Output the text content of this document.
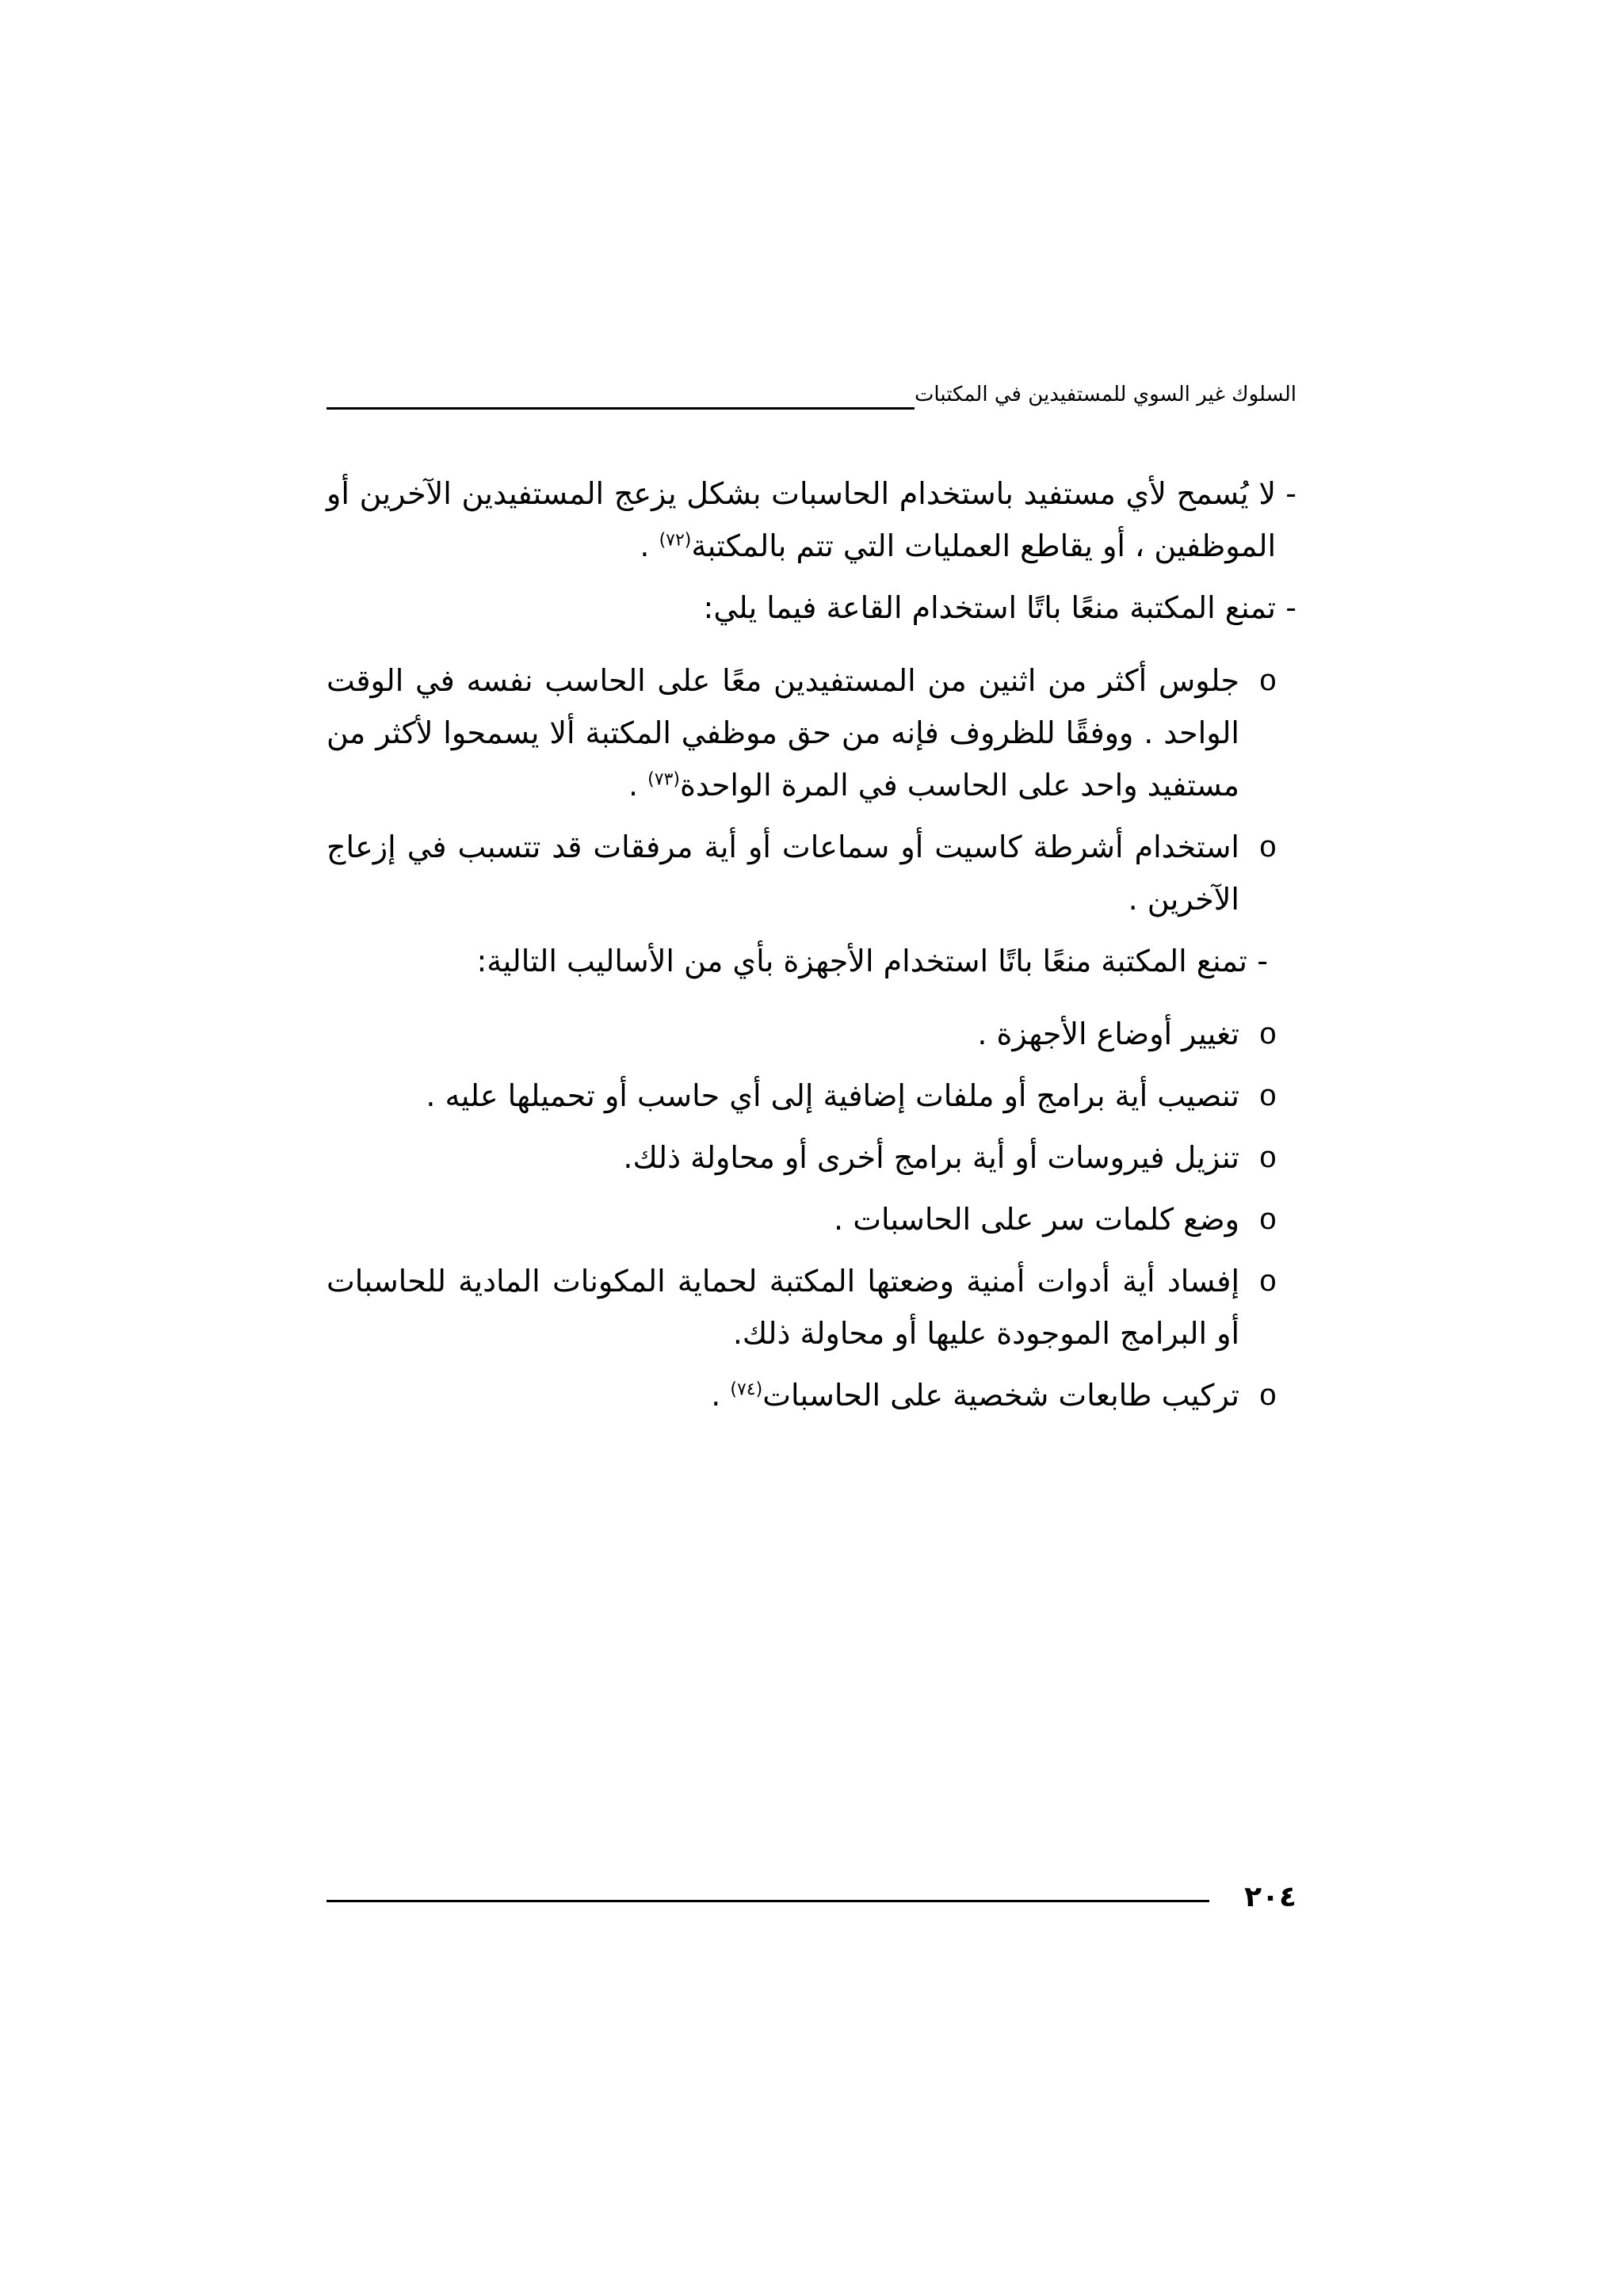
السلوك غير السوي للمستفيدين في المكتبات
-
لا يُسمح لأي مستفيد باستخدام الحاسبات بشكل يزعج المستفيدين الآخرين أو الموظفين ، أو يقاطع العمليات التي تتم بالمكتبة$^{(٧٢)}$ .
-
تمنع المكتبة منعًا باتًا استخدام القاعة فيما يلي:
o
جلوس أكثر من اثنين من المستفيدين معًا على الحاسب نفسه في الوقت الواحد . ووفقًا للظروف فإنه من حق موظفي المكتبة ألا يسمحوا لأكثر من مستفيد واحد على الحاسب في المرة الواحدة$^{(٧٣)}$ .
o
استخدام أشرطة كاسيت أو سماعات أو أية مرفقات قد تتسبب في إزعاج الآخرين .
-
تمنع المكتبة منعًا باتًا استخدام الأجهزة بأي من الأساليب التالية:
o
تغيير أوضاع الأجهزة .
o
تنصيب أية برامج أو ملفات إضافية إلى أي حاسب أو تحميلها عليه .
o
تنزيل فيروسات أو أية برامج أخرى أو محاولة ذلك.
o
وضع كلمات سر على الحاسبات .
o
إفساد أية أدوات أمنية وضعتها المكتبة لحماية المكونات المادية للحاسبات أو البرامج الموجودة عليها أو محاولة ذلك.
o
تركيب طابعات شخصية على الحاسبات$^{(٧٤)}$ .
٢٠٤
